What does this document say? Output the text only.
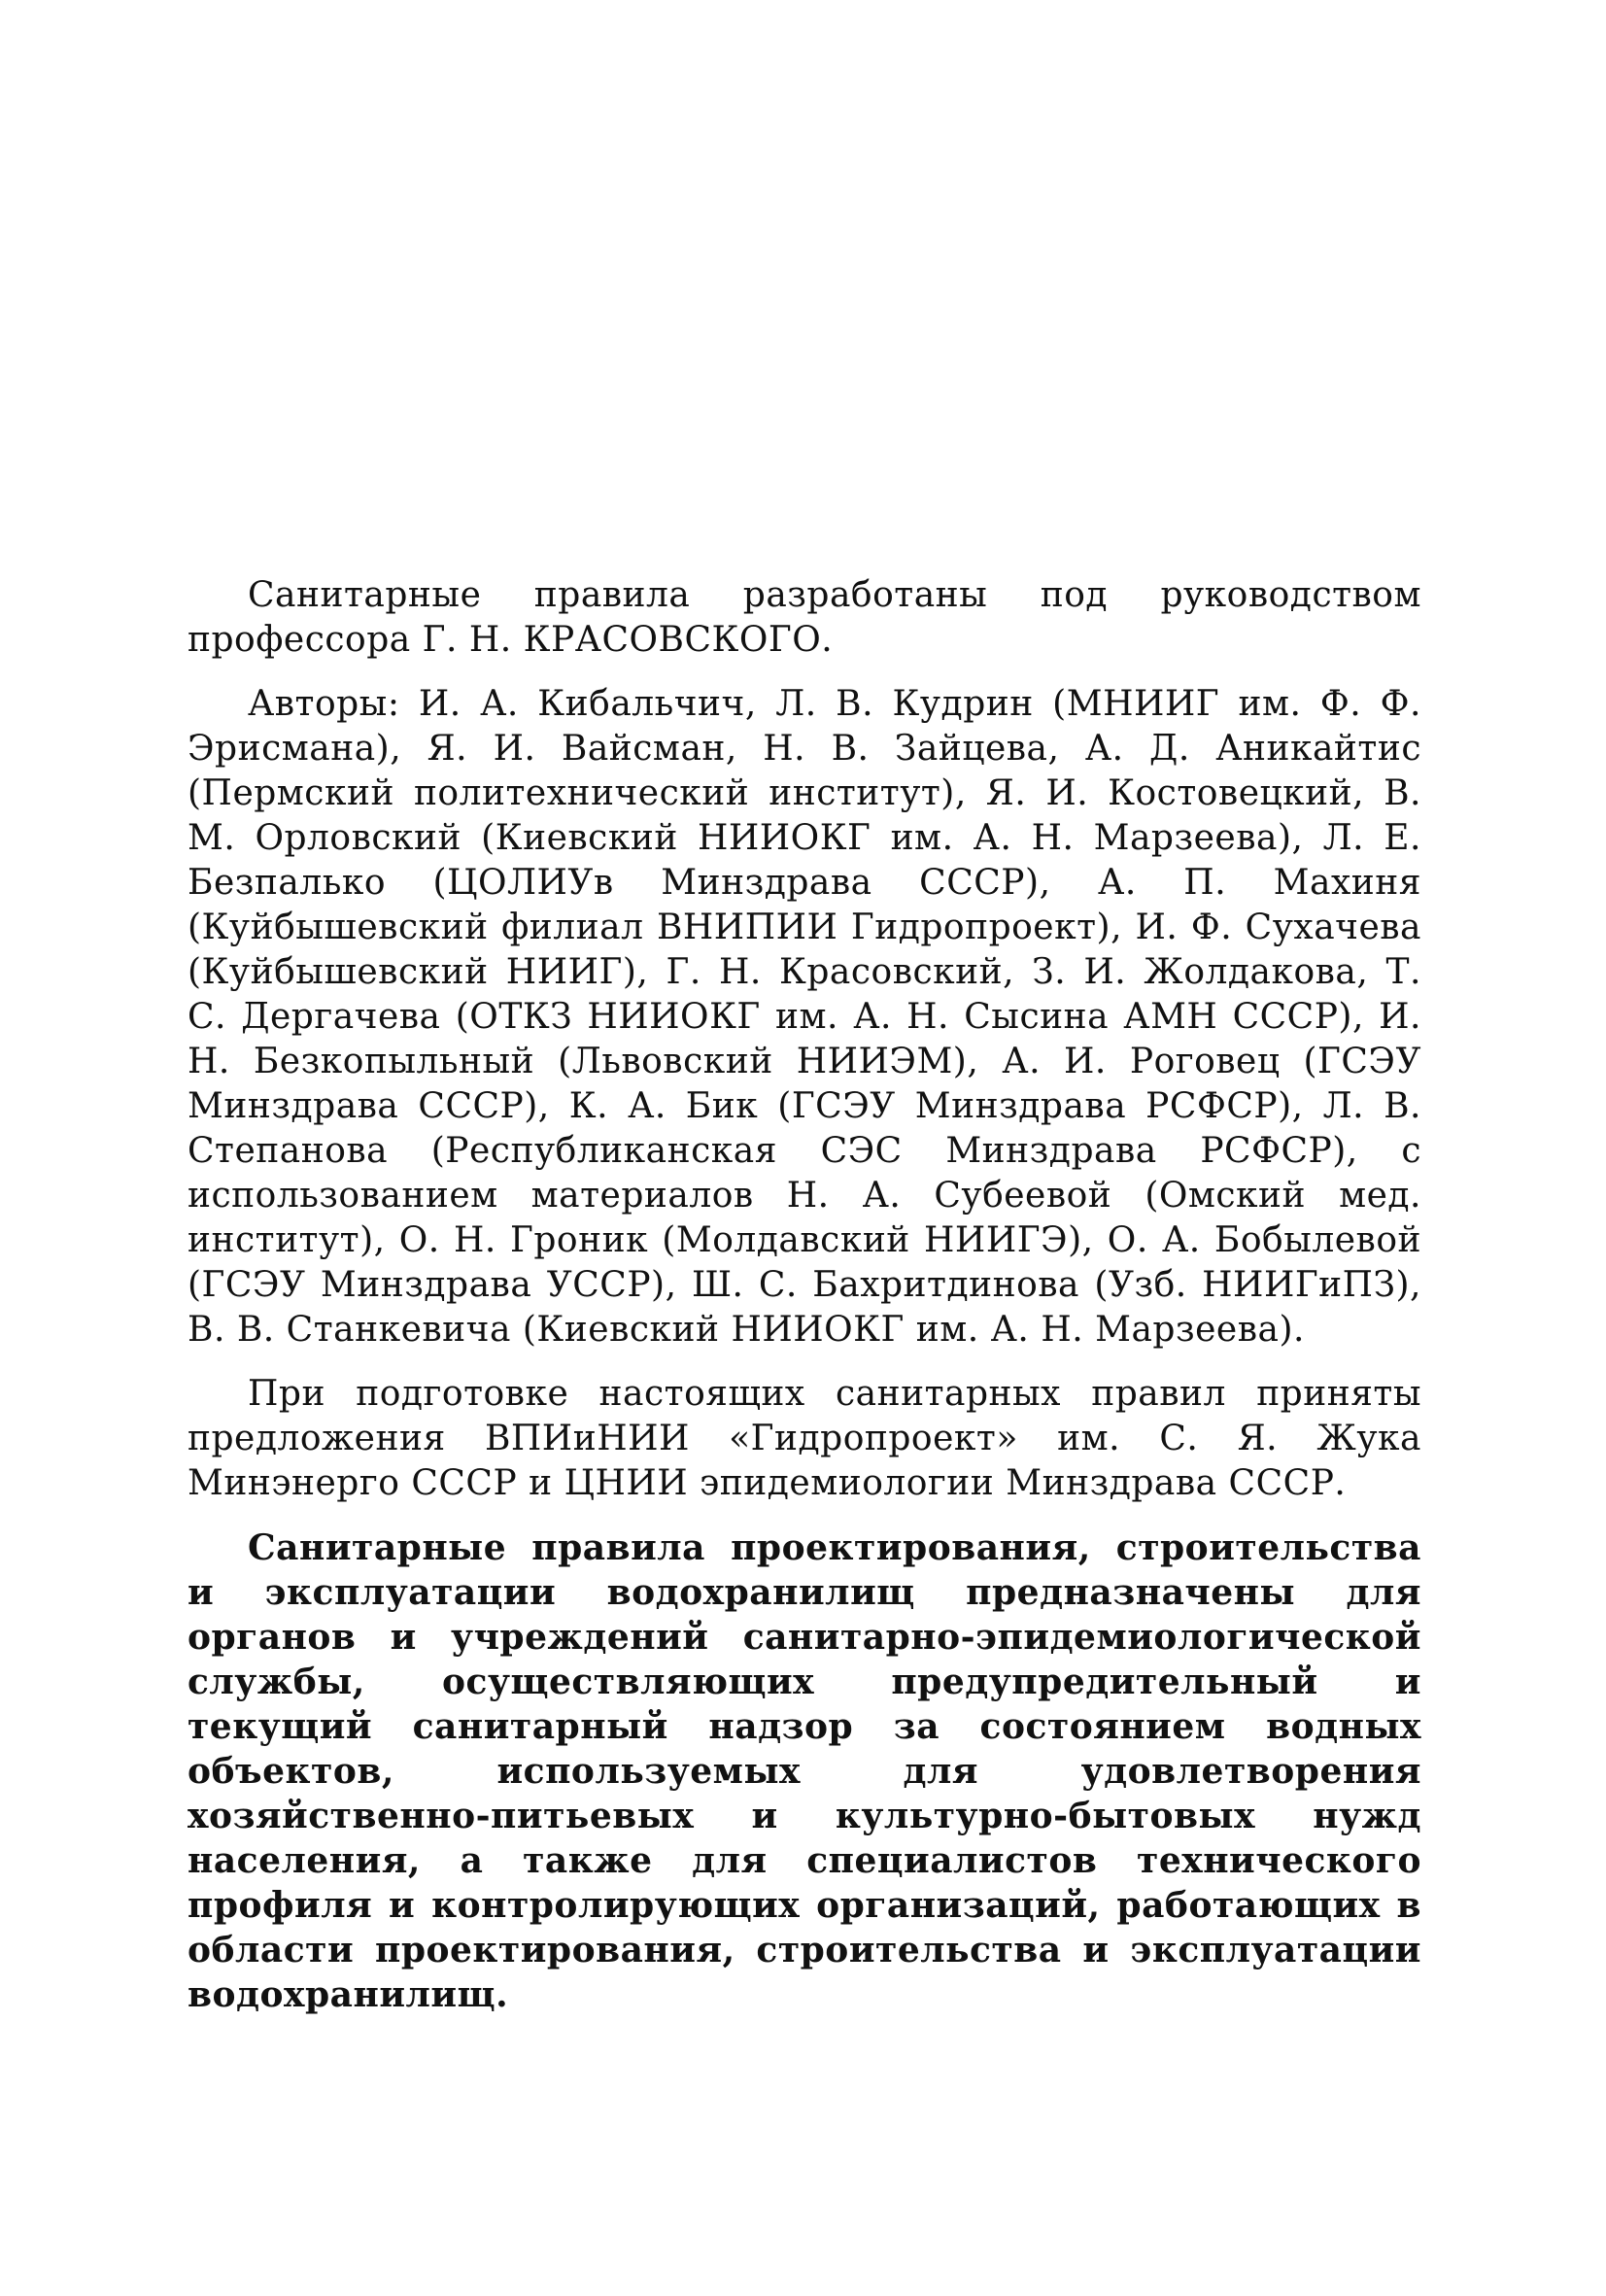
Санитарные правила разработаны под руководством профессора Г. Н. КРАСОВСКОГО.

Авторы: И. А. Кибальчич, Л. В. Кудрин (МНИИГ им. Ф. Ф. Эрисмана), Я. И. Вайсман, Н. В. Зайцева, А. Д. Аникайтис (Пермский политехнический институт), Я. И. Костовецкий, В. М. Орловский (Киевский НИИОКГ им. А. Н. Марзеева), Л. Е. Безпалько (ЦОЛИУв Минздрава СССР), А. П. Махиня (Куйбышевский филиал ВНИПИИ Гидропроект), И. Ф. Сухачева (Куйбышевский НИИГ), Г. Н. Красовский, З. И. Жолдакова, Т. С. Дергачева (ОТКЗ НИИОКГ им. А. Н. Сысина АМН СССР), И. Н. Безкопыльный (Львовский НИИЭМ), А. И. Роговец (ГСЭУ Минздрава СССР), К. А. Бик (ГСЭУ Минздрава РСФСР), Л. В. Степанова (Республиканская СЭС Минздрава РСФСР), с использованием материалов Н. А. Субеевой (Омский мед. институт), О. Н. Гроник (Молдавский НИИГЭ), О. А. Бобылевой (ГСЭУ Минздрава УССР), Ш. С. Бахритдинова (Узб. НИИГиПЗ), В. В. Станкевича (Киевский НИИОКГ им. А. Н. Марзеева).

При подготовке настоящих санитарных правил приняты предложения ВПИиНИИ «Гидропроект» им. С. Я. Жука Минэнерго СССР и ЦНИИ эпидемиологии Минздрава СССР.

Санитарные правила проектирования, строительства и эксплуатации водохранилищ предназначены для органов и учреждений санитарно-эпидемиологической службы, осуществляющих предупредительный и текущий санитарный надзор за состоянием водных объектов, используемых для удовлетворения хозяйственно-питьевых и культурно-бытовых нужд населения, а также для специалистов технического профиля и контролирующих организаций, работающих в области проектирования, строительства и эксплуатации водохранилищ.
